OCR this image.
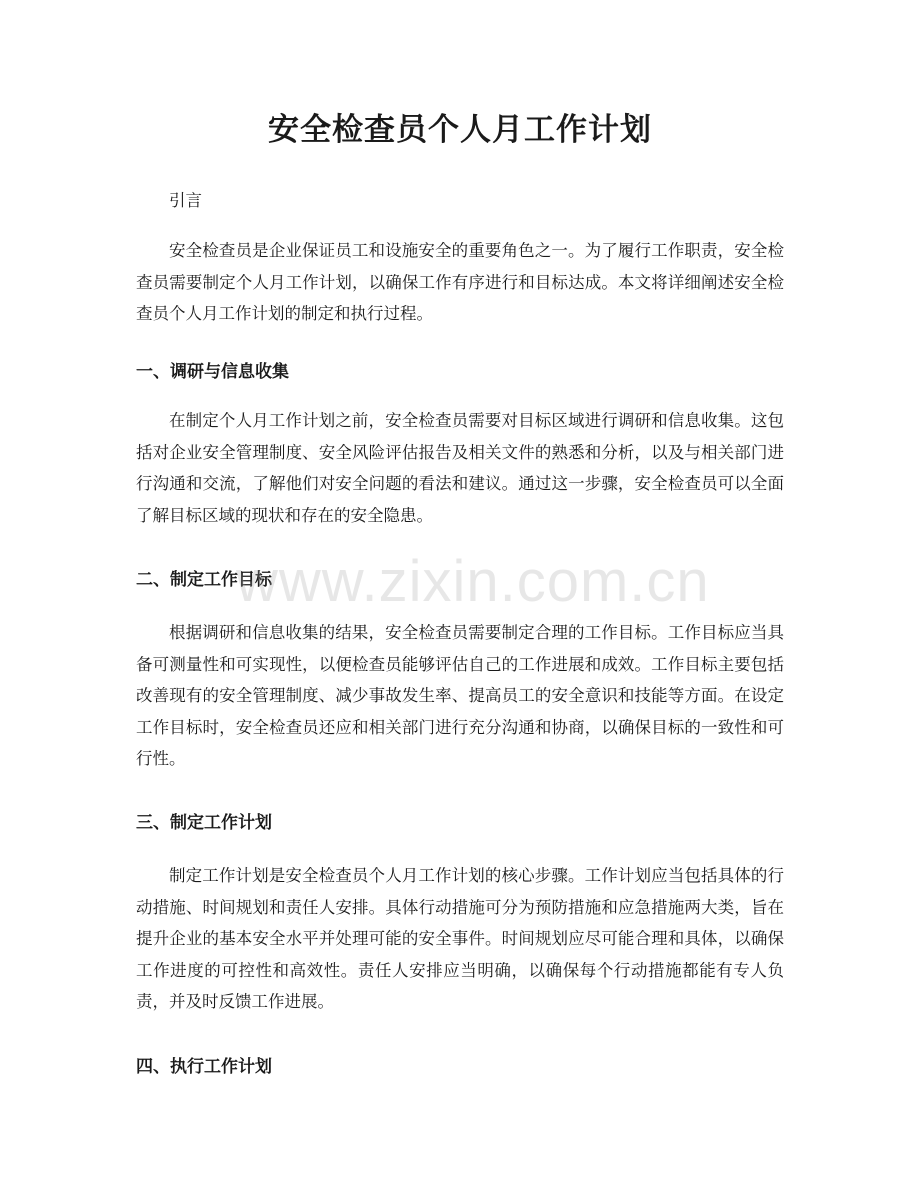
安全检查员个人月工作计划

引言

安全检查员是企业保证员工和设施安全的重要角色之一。为了履行工作职责，安全检查员需要制定个人月工作计划，以确保工作有序进行和目标达成。本文将详细阐述安全检查员个人月工作计划的制定和执行过程。

一、调研与信息收集

在制定个人月工作计划之前，安全检查员需要对目标区域进行调研和信息收集。这包括对企业安全管理制度、安全风险评估报告及相关文件的熟悉和分析，以及与相关部门进行沟通和交流，了解他们对安全问题的看法和建议。通过这一步骤，安全检查员可以全面了解目标区域的现状和存在的安全隐患。

二、制定工作目标

根据调研和信息收集的结果，安全检查员需要制定合理的工作目标。工作目标应当具备可测量性和可实现性，以便检查员能够评估自己的工作进展和成效。工作目标主要包括改善现有的安全管理制度、减少事故发生率、提高员工的安全意识和技能等方面。在设定工作目标时，安全检查员还应和相关部门进行充分沟通和协商，以确保目标的一致性和可行性。

三、制定工作计划

制定工作计划是安全检查员个人月工作计划的核心步骤。工作计划应当包括具体的行动措施、时间规划和责任人安排。具体行动措施可分为预防措施和应急措施两大类，旨在提升企业的基本安全水平并处理可能的安全事件。时间规划应尽可能合理和具体，以确保工作进度的可控性和高效性。责任人安排应当明确，以确保每个行动措施都能有专人负责，并及时反馈工作进展。

四、执行工作计划
www.zixin.com.cn
